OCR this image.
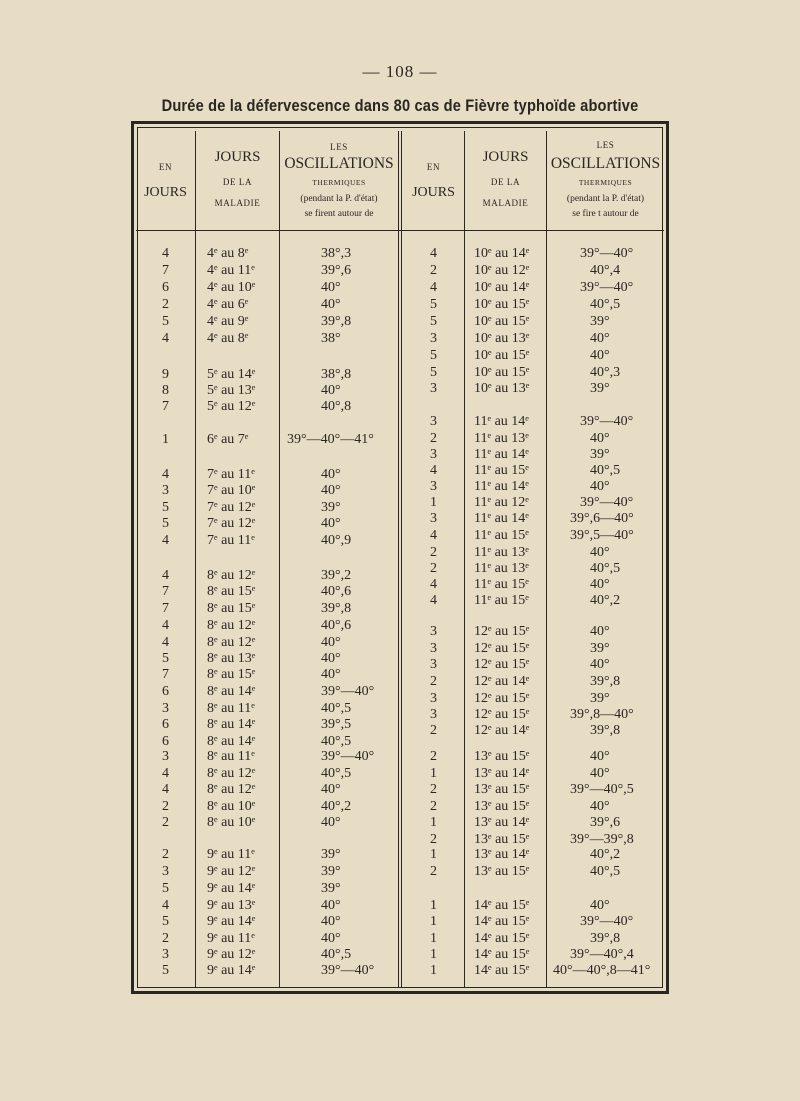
— 108 —
Durée de la défervescence dans 80 cas de Fièvre typhoïde abortive
EN
JOURS
JOURS
DE LA
MALADIE
LES
OSCILLATIONS
THERMIQUES
(pendant la P. d'état)
se firent autour de
EN
JOURS
JOURS
DE LA
MALADIE
LES
OSCILLATIONS
THERMIQUES
(pendant la P. d'état)
se fire t autour de
4	4ᵉ au 8ᵉ	38°,3
7	4ᵉ au 11ᵉ	39°,6
6	4ᵉ au 10ᵉ	40°
2	4ᵉ au 6ᵉ	40°
5	4ᵉ au 9ᵉ	39°,8
4	4ᵉ au 8ᵉ	38°
9	5ᵉ au 14ᵉ	38°,8
8	5ᵉ au 13ᵉ	40°
7	5ᵉ au 12ᵉ	40°,8
1	6ᵉ au 7ᵉ	39°—40°—41°
4	7ᵉ au 11ᵉ	40°
3	7ᵉ au 10ᵉ	40°
5	7ᵉ au 12ᵉ	39°
5	7ᵉ au 12ᵉ	40°
4	7ᵉ au 11ᵉ	40°,9
4	8ᵉ au 12ᵉ	39°,2
7	8ᵉ au 15ᵉ	40°,6
7	8ᵉ au 15ᵉ	39°,8
4	8ᵉ au 12ᵉ	40°,6
4	8ᵉ au 12ᵉ	40°
5	8ᵉ au 13ᵉ	40°
7	8ᵉ au 15ᵉ	40°
6	8ᵉ au 14ᵉ	39°—40°
3	8ᵉ au 11ᵉ	40°,5
6	8ᵉ au 14ᵉ	39°,5
6	8ᵉ au 14ᵉ	40°,5
3	8ᵉ au 11ᵉ	39°—40°
4	8ᵉ au 12ᵉ	40°,5
4	8ᵉ au 12ᵉ	40°
2	8ᵉ au 10ᵉ	40°,2
2	8ᵉ au 10ᵉ	40°
2	9ᵉ au 11ᵉ	39°
3	9ᵉ au 12ᵉ	39°
5	9ᵉ au 14ᵉ	39°
4	9ᵉ au 13ᵉ	40°
5	9ᵉ au 14ᵉ	40°
2	9ᵉ au 11ᵉ	40°
3	9ᵉ au 12ᵉ	40°,5
5	9ᵉ au 14ᵉ	39°—40°
4	10ᵉ au 14ᵉ	39°—40°
2	10ᵉ au 12ᵉ	40°,4
4	10ᵉ au 14ᵉ	39°—40°
5	10ᵉ au 15ᵉ	40°,5
5	10ᵉ au 15ᵉ	39°
3	10ᵉ au 13ᵉ	40°
5	10ᵉ au 15ᵉ	40°
5	10ᵉ au 15ᵉ	40°,3
3	10ᵉ au 13ᵉ	39°
3	11ᵉ au 14ᵉ	39°—40°
2	11ᵉ au 13ᵉ	40°
3	11ᵉ au 14ᵉ	39°
4	11ᵉ au 15ᵉ	40°,5
3	11ᵉ au 14ᵉ	40°
1	11ᵉ au 12ᵉ	39°—40°
3	11ᵉ au 14ᵉ	39°,6—40°
4	11ᵉ au 15ᵉ	39°,5—40°
2	11ᵉ au 13ᵉ	40°
2	11ᵉ au 13ᵉ	40°,5
4	11ᵉ au 15ᵉ	40°
4	11ᵉ au 15ᵉ	40°,2
3	12ᵉ au 15ᵉ	40°
3	12ᵉ au 15ᵉ	39°
3	12ᵉ au 15ᵉ	40°
2	12ᵉ au 14ᵉ	39°,8
3	12ᵉ au 15ᵉ	39°
3	12ᵉ au 15ᵉ	39°,8—40°
2	12ᵉ au 14ᵉ	39°,8
2	13ᵉ au 15ᵉ	40°
1	13ᵉ au 14ᵉ	40°
2	13ᵉ au 15ᵉ	39°—40°,5
2	13ᵉ au 15ᵉ	40°
1	13ᵉ au 14ᵉ	39°,6
2	13ᵉ au 15ᵉ	39°—39°,8
1	13ᵉ au 14ᵉ	40°,2
2	13ᵉ au 15ᵉ	40°,5
1	14ᵉ au 15ᵉ	40°
1	14ᵉ au 15ᵉ	39°—40°
1	14ᵉ au 15ᵉ	39°,8
1	14ᵉ au 15ᵉ	39°—40°,4
1	14ᵉ au 15ᵉ 40°—40°,8—41°
